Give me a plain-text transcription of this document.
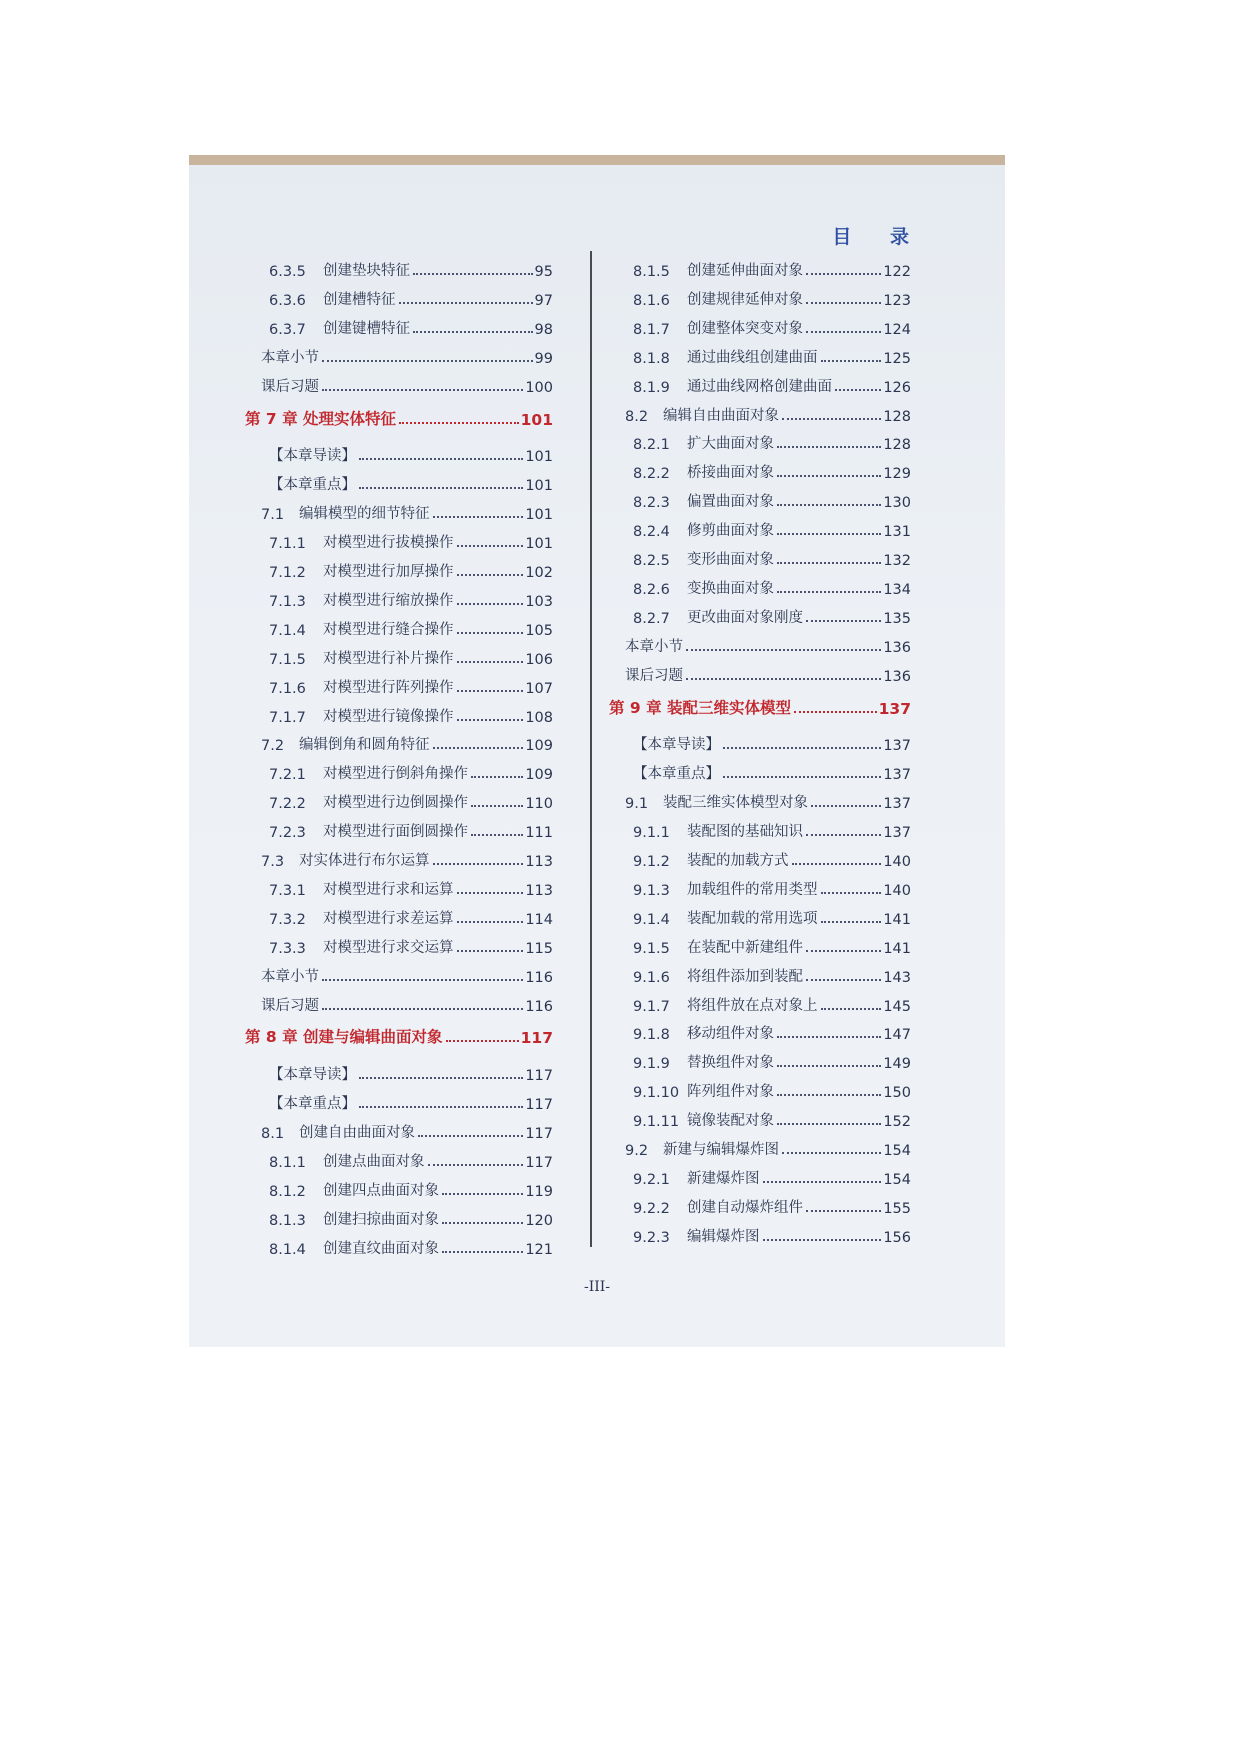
目 录
6.3.5	创建垫块特征	95
6.3.6	创建槽特征	97
6.3.7	创建键槽特征	98
本章小节	99
课后习题	100
第 7 章 处理实体特征	101
【本章导读】	101
【本章重点】	101
7.1	编辑模型的细节特征	101
7.1.1	对模型进行拔模操作	101
7.1.2	对模型进行加厚操作	102
7.1.3	对模型进行缩放操作	103
7.1.4	对模型进行缝合操作	105
7.1.5	对模型进行补片操作	106
7.1.6	对模型进行阵列操作	107
7.1.7	对模型进行镜像操作	108
7.2	编辑倒角和圆角特征	109
7.2.1	对模型进行倒斜角操作	109
7.2.2	对模型进行边倒圆操作	110
7.2.3	对模型进行面倒圆操作	111
7.3	对实体进行布尔运算	113
7.3.1	对模型进行求和运算	113
7.3.2	对模型进行求差运算	114
7.3.3	对模型进行求交运算	115
本章小节	116
课后习题	116
第 8 章 创建与编辑曲面对象	117
【本章导读】	117
【本章重点】	117
8.1	创建自由曲面对象	117
8.1.1	创建点曲面对象	117
8.1.2	创建四点曲面对象	119
8.1.3	创建扫掠曲面对象	120
8.1.4	创建直纹曲面对象	121
8.1.5	创建延伸曲面对象	122
8.1.6	创建规律延伸对象	123
8.1.7	创建整体突变对象	124
8.1.8	通过曲线组创建曲面	125
8.1.9	通过曲线网格创建曲面	126
8.2	编辑自由曲面对象	128
8.2.1	扩大曲面对象	128
8.2.2	桥接曲面对象	129
8.2.3	偏置曲面对象	130
8.2.4	修剪曲面对象	131
8.2.5	变形曲面对象	132
8.2.6	变换曲面对象	134
8.2.7	更改曲面对象刚度	135
本章小节	136
课后习题	136
第 9 章 装配三维实体模型	137
【本章导读】	137
【本章重点】	137
9.1	装配三维实体模型对象	137
9.1.1	装配图的基础知识	137
9.1.2	装配的加载方式	140
9.1.3	加载组件的常用类型	140
9.1.4	装配加载的常用选项	141
9.1.5	在装配中新建组件	141
9.1.6	将组件添加到装配	143
9.1.7	将组件放在点对象上	145
9.1.8	移动组件对象	147
9.1.9	替换组件对象	149
9.1.10 阵列组件对象	150
9.1.11 镜像装配对象	152
9.2	新建与编辑爆炸图	154
9.2.1	新建爆炸图	154
9.2.2	创建自动爆炸组件	155
9.2.3	编辑爆炸图	156
-III-
